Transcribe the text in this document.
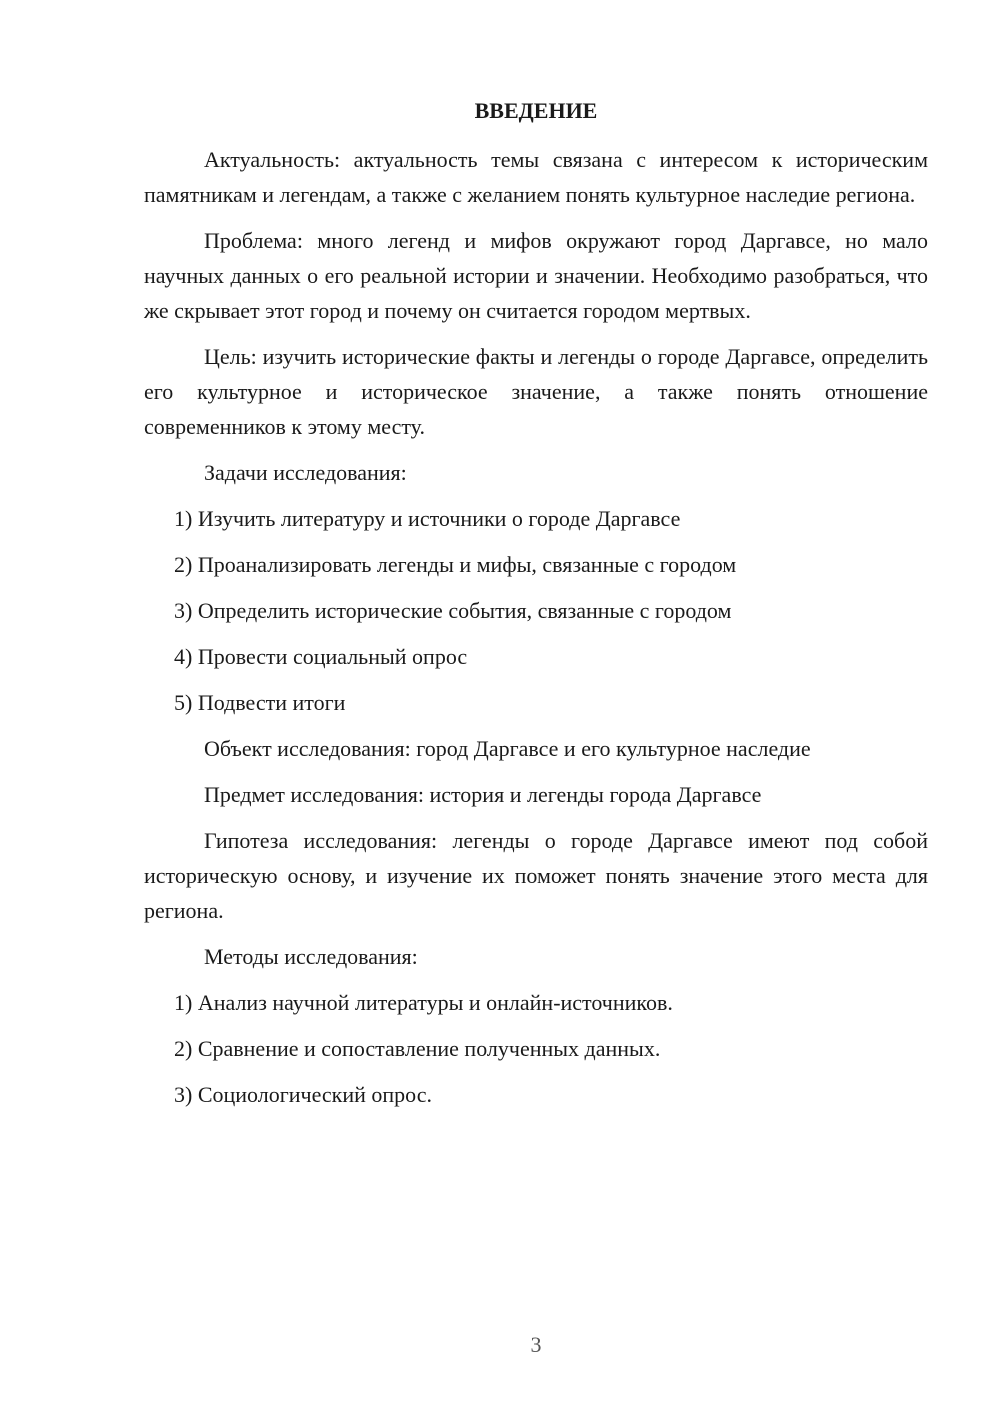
ВВЕДЕНИЕ

Актуальность: актуальность темы связана с интересом к историческим памятникам и легендам, а также с желанием понять культурное наследие региона.

Проблема: много легенд и мифов окружают город Даргавсе, но мало научных данных о его реальной истории и значении. Необходимо разобраться, что же скрывает этот город и почему он считается городом мертвых.

Цель: изучить исторические факты и легенды о городе Даргавсе, определить его культурное и историческое значение, а также понять отношение современников к этому месту.

Задачи исследования:

1) Изучить литературу и источники о городе Даргавсе

2) Проанализировать легенды и мифы, связанные с городом

3) Определить исторические события, связанные с городом

4) Провести социальный опрос

5) Подвести итоги

Объект исследования: город Даргавсе и его культурное наследие

Предмет исследования: история и легенды города Даргавсе

Гипотеза исследования: легенды о городе Даргавсе имеют под собой историческую основу, и изучение их поможет понять значение этого места для региона.

Методы исследования:

1) Анализ научной литературы и онлайн-источников.

2) Сравнение и сопоставление полученных данных.

3) Социологический опрос.

3
